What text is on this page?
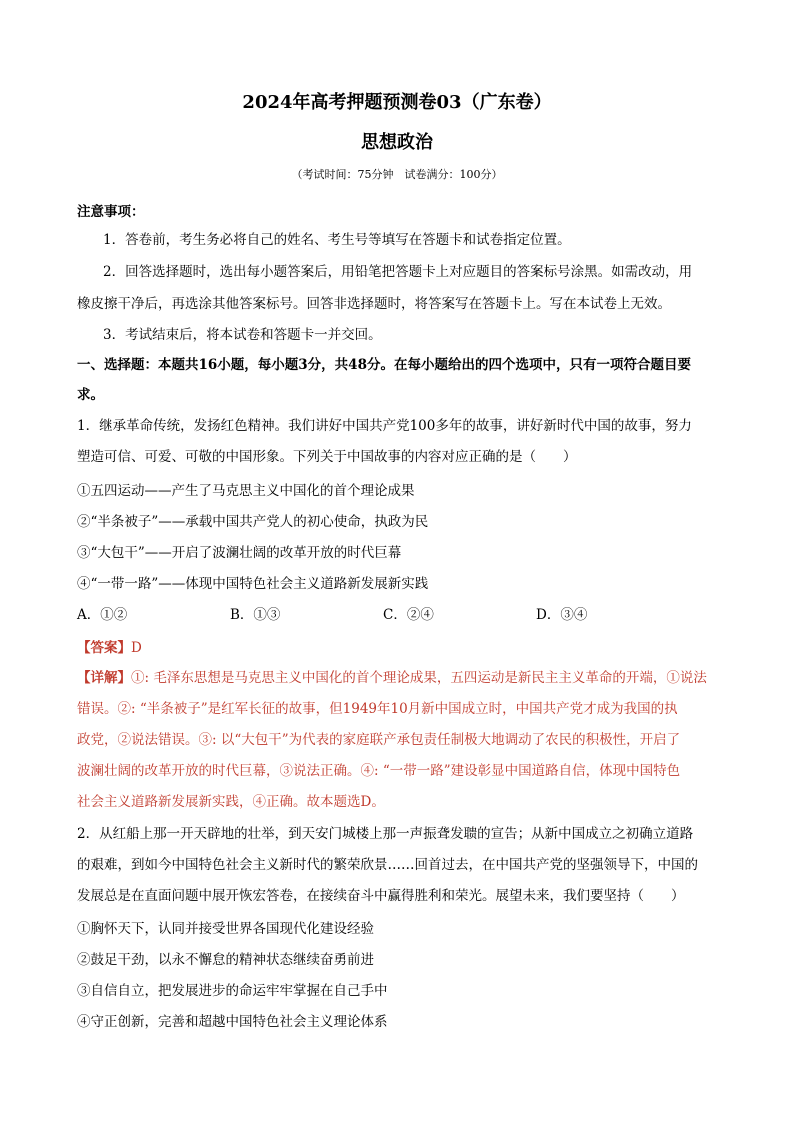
2024年高考押题预测卷03（广东卷）
思想政治
（考试时间：75分钟　试卷满分：100分）
注意事项：
1．答卷前，考生务必将自己的姓名、考生号等填写在答题卡和试卷指定位置。
2．回答选择题时，选出每小题答案后，用铅笔把答题卡上对应题目的答案标号涂黑。如需改动，用
橡皮擦干净后，再选涂其他答案标号。回答非选择题时，将答案写在答题卡上。写在本试卷上无效。
3．考试结束后，将本试卷和答题卡一并交回。
一、选择题：本题共16小题，每小题3分，共48分。在每小题给出的四个选项中，只有一项符合题目要
求。
1．继承革命传统，发扬红色精神。我们讲好中国共产党100多年的故事，讲好新时代中国的故事，努力
塑造可信、可爱、可敬的中国形象。下列关于中国故事的内容对应正确的是（　　）
①五四运动——产生了马克思主义中国化的首个理论成果
②“半条被子”——承载中国共产党人的初心使命，执政为民
③“大包干”——开启了波澜壮阔的改革开放的时代巨幕
④“一带一路”——体现中国特色社会主义道路新发展新实践
A．①②	B．①③	C．②④	D．③④
【答案】D
【详解】①: 毛泽东思想是马克思主义中国化的首个理论成果，五四运动是新民主主义革命的开端，①说法
错误。②: “半条被子”是红军长征的故事，但1949年10月新中国成立时，中国共产党才成为我国的执
政党，②说法错误。③: 以“大包干”为代表的家庭联产承包责任制极大地调动了农民的积极性，开启了
波澜壮阔的改革开放的时代巨幕，③说法正确。④: “一带一路”建设彰显中国道路自信，体现中国特色
社会主义道路新发展新实践，④正确。故本题选D。
2．从红船上那一开天辟地的壮举，到天安门城楼上那一声振聋发聩的宣告；从新中国成立之初确立道路
的艰难，到如今中国特色社会主义新时代的繁荣欣景……回首过去，在中国共产党的坚强领导下，中国的
发展总是在直面问题中展开恢宏答卷，在接续奋斗中赢得胜利和荣光。展望未来，我们要坚持（　　）
①胸怀天下，认同并接受世界各国现代化建设经验
②鼓足干劲，以永不懈怠的精神状态继续奋勇前进
③自信自立，把发展进步的命运牢牢掌握在自己手中
④守正创新，完善和超越中国特色社会主义理论体系
